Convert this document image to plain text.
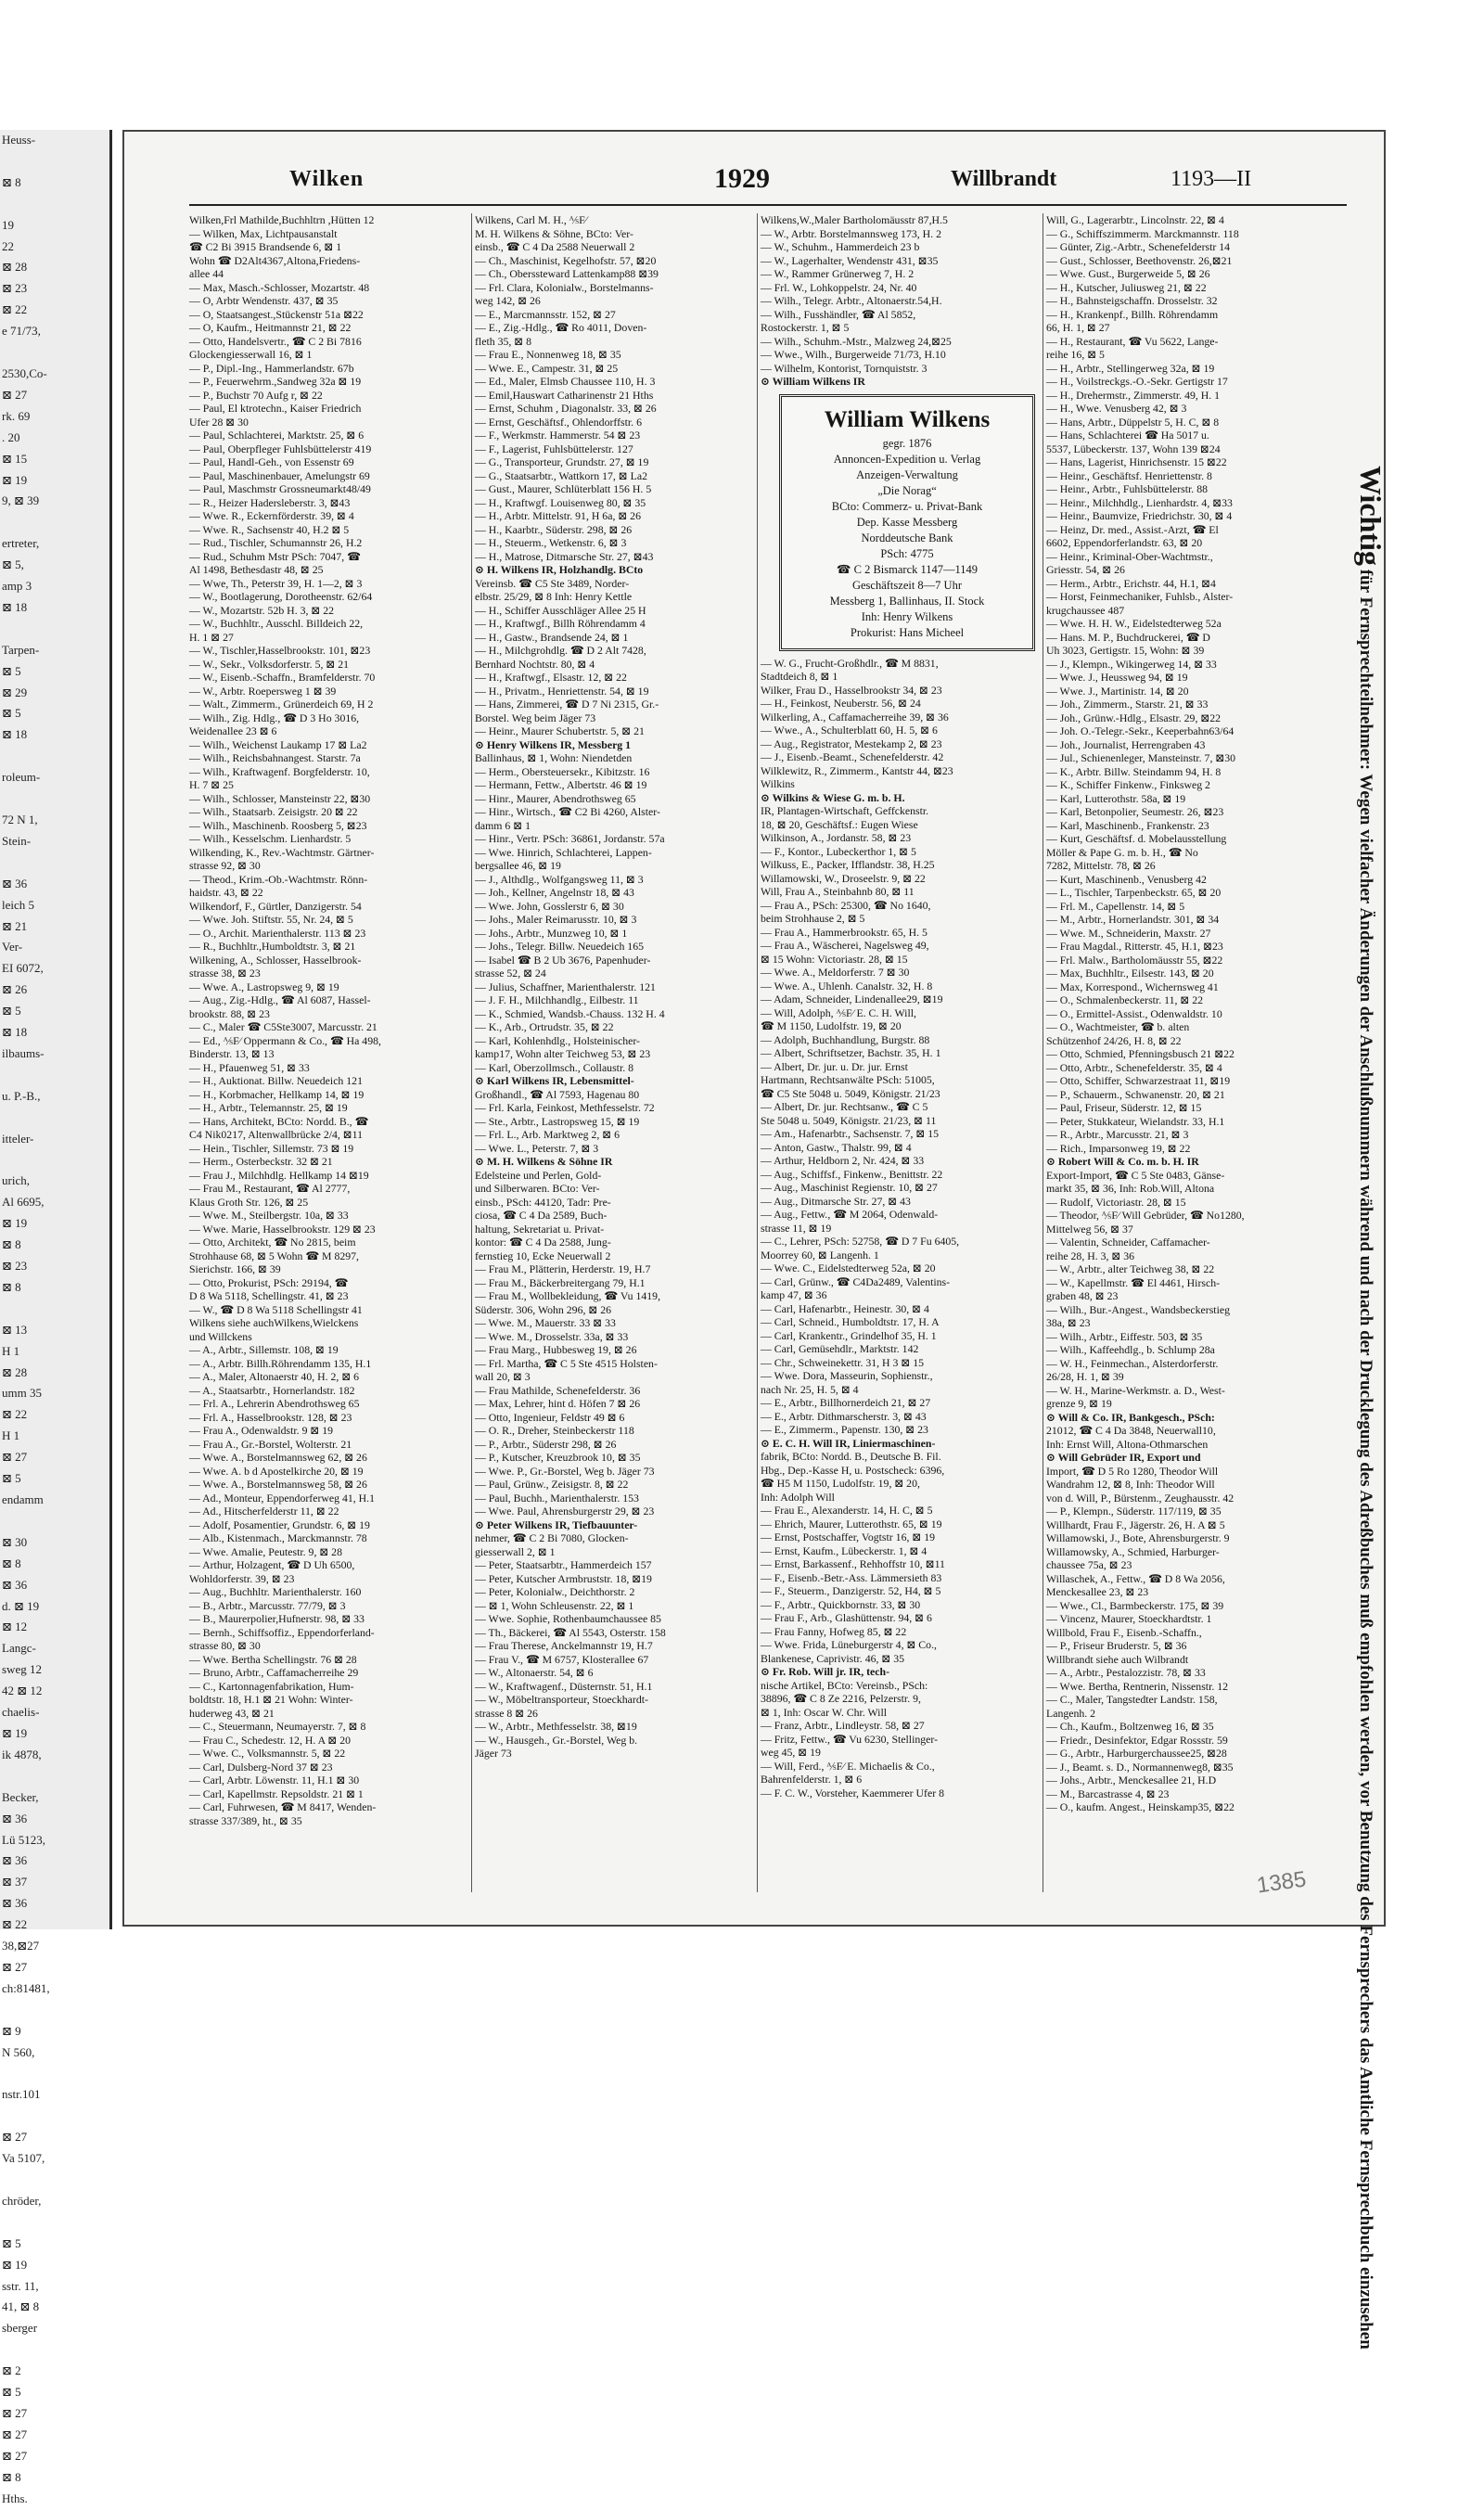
Heuss-

⊠ 8

19
22
⊠ 28
⊠ 23
⊠ 22
e 71/73,

2530,Co-
⊠ 27
rk. 69
. 20
⊠ 15
⊠ 19
9, ⊠ 39

ertreter,
⊠ 5,
amp 3
⊠ 18

Tarpen-
⊠ 5
⊠ 29
⊠ 5
⊠ 18

roleum-

72 N 1,
Stein-

⊠ 36
leich 5
⊠ 21
Ver-
EI 6072,
⊠ 26
⊠ 5
⊠ 18
ilbaums-

u. P.-B.,

itteler-

urich,
Al 6695,
⊠ 19
⊠ 8
⊠ 23
⊠ 8

⊠ 13
H 1
⊠ 28
umm 35
⊠ 22
H 1
⊠ 27
⊠ 5
endamm

⊠ 30
⊠ 8
⊠ 36
d. ⊠ 19
⊠ 12
Langc-
sweg 12
42 ⊠ 12
chaelis-
⊠ 19
ik 4878,

Becker,
⊠ 36
Lü 5123,
⊠ 36
⊠ 37
⊠ 36
⊠ 22
38,⊠27
⊠ 27
ch:81481,

⊠ 9
N 560,

nstr.101

⊠ 27
Va 5107,

chröder,

⊠ 5
⊠ 19
sstr. 11,
41, ⊠ 8
sberger

⊠ 2
⊠ 5
⊠ 27
⊠ 27
⊠ 27
⊠ 8
Hths.
Wilken	1929	Willbrandt	1193—II
Wilken,Frl Mathilde,Buchhltrn ,Hütten 12
— Wilken, Max, Lichtpausanstalt
☎ C2 Bi 3915 Brandsende 6, ⊠ 1
Wohn ☎ D2Alt4367,Altona,Friedens-
allee 44
— Max, Masch.-Schlosser, Mozartstr. 48
— O, Arbtr Wendenstr. 437, ⊠ 35
— O, Staatsangest.,Stückenstr 51a ⊠22
— O, Kaufm., Heitmannstr 21, ⊠ 22
— Otto, Handelsvertr., ☎ C 2 Bi 7816
Glockengiesserwall 16, ⊠ 1
— P., Dipl.-Ing., Hammerlandstr. 67b
— P., Feuerwehrm.,Sandweg 32a ⊠ 19
— P., Buchstr 70 Aufg r, ⊠ 22
— Paul, El ktrotechn., Kaiser Friedrich
Ufer 28 ⊠ 30
— Paul, Schlachterei, Marktstr. 25, ⊠ 6
— Paul, Oberpfleger Fuhlsbüttelerstr 419
— Paul, Handl-Geh., von Essenstr 69
— Paul, Maschinenbauer, Amelungstr 69
— Paul, Maschmstr Grossneumarkt48/49
— R., Heizer Hadersleberstr. 3, ⊠43
— Wwe. R., Eckernförderstr. 39, ⊠ 4
— Wwe. R., Sachsenstr 40, H.2 ⊠ 5
— Rud., Tischler, Schumannstr 26, H.2
— Rud., Schuhm Mstr PSch: 7047, ☎
Al 1498, Bethesdastr 48, ⊠ 25
— Wwe, Th., Peterstr 39, H. 1—2, ⊠ 3
— W., Bootlagerung, Dorotheenstr. 62/64
— W., Mozartstr. 52b H. 3, ⊠ 22
— W., Buchhltr., Ausschl. Billdeich 22,
H. 1 ⊠ 27
— W., Tischler,Hasselbrookstr. 101, ⊠23
— W., Sekr., Volksdorferstr. 5, ⊠ 21
— W., Eisenb.-Schaffn., Bramfelderstr. 70
— W., Arbtr. Roepersweg 1 ⊠ 39
— Walt., Zimmerm., Grünerdeich 69, H 2
— Wilh., Zig. Hdlg., ☎ D 3 Ho 3016,
Weidenallee 23 ⊠ 6
— Wilh., Weichenst Laukamp 17 ⊠ La2
— Wilh., Reichsbahnangest. Starstr. 7a
— Wilh., Kraftwagenf. Borgfelderstr. 10,
H. 7 ⊠ 25
— Wilh., Schlosser, Mansteinstr 22, ⊠30
— Wilh., Staatsarb. Zeisigstr. 20 ⊠ 22
— Wilh., Maschinenb. Roosberg 5, ⊠23
— Wilh., Kesselschm. Lienhardstr. 5
Wilkending, K., Rev.-Wachtmstr. Gärtner-
strasse 92, ⊠ 30
— Theod., Krim.-Ob.-Wachtmstr. Rönn-
haidstr. 43, ⊠ 22
Wilkendorf, F., Gürtler, Danzigerstr. 54
— Wwe. Joh. Stiftstr. 55, Nr. 24, ⊠ 5
— O., Archit. Marienthalerstr. 113 ⊠ 23
— R., Buchhltr.,Humboldtstr. 3, ⊠ 21
Wilkening, A., Schlosser, Hasselbrook-
strasse 38, ⊠ 23
— Wwe. A., Lastropsweg 9, ⊠ 19
— Aug., Zig.-Hdlg., ☎ Al 6087, Hassel-
brookstr. 88, ⊠ 23
— C., Maler ☎ C5Ste3007, Marcusstr. 21
— Ed., ⅍F⁄ Oppermann & Co., ☎ Ha 498,
Binderstr. 13, ⊠ 13
— H., Pfauenweg 51, ⊠ 33
— H., Auktionat. Billw. Neuedeich 121
— H., Korbmacher, Hellkamp 14, ⊠ 19
— H., Arbtr., Telemannstr. 25, ⊠ 19
— Hans, Architekt, BCto: Nordd. B., ☎
C4 Nik0217, Altenwallbrücke 2/4, ⊠11
— Hein., Tischler, Sillemstr. 73 ⊠ 19
— Herm., Osterbeckstr. 32 ⊠ 21
— Frau J., Milchhdlg. Hellkamp 14 ⊠19
— Frau M., Restaurant, ☎ Al 2777,
Klaus Groth Str. 126, ⊠ 25
— Wwe. M., Steilbergstr. 10a, ⊠ 33
— Wwe. Marie, Hasselbrookstr. 129 ⊠ 23
— Otto, Architekt, ☎ No 2815, beim
Strohhause 68, ⊠ 5 Wohn ☎ M 8297,
Sierichstr. 166, ⊠ 39
— Otto, Prokurist, PSch: 29194, ☎
D 8 Wa 5118, Schellingstr. 41, ⊠ 23
— W., ☎ D 8 Wa 5118 Schellingstr 41
Wilkens siehe auchWilkens,Wielckens
und Willckens
— A., Arbtr., Sillemstr. 108, ⊠ 19
— A., Arbtr. Billh.Röhrendamm 135, H.1
— A., Maler, Altonaerstr 40, H. 2, ⊠ 6
— A., Staatsarbtr., Hornerlandstr. 182
— Frl. A., Lehrerin Abendrothsweg 65
— Frl. A., Hasselbrookstr. 128, ⊠ 23
— Frau A., Odenwaldstr. 9 ⊠ 19
— Frau A., Gr.-Borstel, Wolterstr. 21
— Wwe. A., Borstelmannsweg 62, ⊠ 26
— Wwe. A. b d Apostelkirche 20, ⊠ 19
— Wwe. A., Borstelmannsweg 58, ⊠ 26
— Ad., Monteur, Eppendorferweg 41, H.1
— Ad., Hitscherfelderstr 11, ⊠ 22
— Adolf, Posamentier, Grundstr. 6, ⊠ 19
— Alb., Kistenmach., Marckmannstr. 78
— Wwe. Amalie, Peutestr. 9, ⊠ 28
— Arthur, Holzagent, ☎ D Uh 6500,
Wohldorferstr. 39, ⊠ 23
— Aug., Buchhltr. Marienthalerstr. 160
— B., Arbtr., Marcusstr. 77/79, ⊠ 3
— B., Maurerpolier,Hufnerstr. 98, ⊠ 33
— Bernh., Schiffsoffiz., Eppendorferland-
strasse 80, ⊠ 30
— Wwe. Bertha Schellingstr. 76 ⊠ 28
— Bruno, Arbtr., Caffamacherreihe 29
— C., Kartonnagenfabrikation, Hum-
boldtstr. 18, H.1 ⊠ 21 Wohn: Winter-
huderweg 43, ⊠ 21
— C., Steuermann, Neumayerstr. 7, ⊠ 8
— Frau C., Schedestr. 12, H. A ⊠ 20
— Wwe. C., Volksmannstr. 5, ⊠ 22
— Carl, Dulsberg-Nord 37 ⊠ 23
— Carl, Arbtr. Löwenstr. 11, H.1 ⊠ 30
— Carl, Kapellmstr. Repsoldstr. 21 ⊠ 1
— Carl, Fuhrwesen, ☎ M 8417, Wenden-
strasse 337/389, ht., ⊠ 35
Wilkens, Carl M. H., ⅍F⁄
M. H. Wilkens & Söhne, BCto: Ver-
einsb., ☎ C 4 Da 2588 Neuerwall 2
— Ch., Maschinist, Kegelhofstr. 57, ⊠20
— Ch., Oberssteward Lattenkamp88 ⊠39
— Frl. Clara, Kolonialw., Borstelmanns-
weg 142, ⊠ 26
— E., Marcmannsstr. 152, ⊠ 27
— E., Zig.-Hdlg., ☎ Ro 4011, Doven-
fleth 35, ⊠ 8
— Frau E., Nonnenweg 18, ⊠ 35
— Wwe. E., Campestr. 31, ⊠ 25
— Ed., Maler, Elmsb Chaussee 110, H. 3
— Emil,Hauswart Catharinenstr 21 Hths
— Ernst, Schuhm , Diagonalstr. 33, ⊠ 26
— Ernst, Geschäftsf., Ohlendorffstr. 6
— F., Werkmstr. Hammerstr. 54 ⊠ 23
— F., Lagerist, Fuhlsbüttelerstr. 127
— G., Transporteur, Grundstr. 27, ⊠ 19
— G., Staatsarbtr., Wattkorn 17, ⊠ La2
— Gust., Maurer, Schlüterblatt 156 H. 5
— H., Kraftwgf. Louisenweg 80, ⊠ 35
— H., Arbtr. Mittelstr. 91, H 6a, ⊠ 26
— H., Kaarbtr., Süderstr. 298, ⊠ 26
— H., Steuerm., Wetkenstr. 6, ⊠ 3
— H., Matrose, Ditmarsche Str. 27, ⊠43
⊙ H. Wilkens IR, Holzhandlg. BCto
Vereinsb. ☎ C5 Ste 3489, Norder-
elbstr. 25/29, ⊠ 8 Inh: Henry Kettle
— H., Schiffer Ausschläger Allee 25 H
— H., Kraftwgf., Billh Röhrendamm 4
— H., Gastw., Brandsende 24, ⊠ 1
— H., Milchgrohdlg. ☎ D 2 Alt 7428,
Bernhard Nochtstr. 80, ⊠ 4
— H., Kraftwgf., Elsastr. 12, ⊠ 22
— H., Privatm., Henriettenstr. 54, ⊠ 19
— Hans, Zimmerei, ☎ D 7 Ni 2315, Gr.-
Borstel. Weg beim Jäger 73
— Heinr., Maurer Schubertstr. 5, ⊠ 21
⊙ Henry Wilkens IR, Messberg 1
Ballinhaus, ⊠ 1, Wohn: Niendetden
— Herm., Obersteuersekr., Kibitzstr. 16
— Hermann, Fettw., Albertstr. 46 ⊠ 19
— Hinr., Maurer, Abendrothsweg 65
— Hinr., Wirtsch., ☎ C2 Bi 4260, Alster-
damm 6 ⊠ 1
— Hinr., Vertr. PSch: 36861, Jordanstr. 57a
— Wwe. Hinrich, Schlachterei, Lappen-
bergsallee 46, ⊠ 19
— J., Althdlg., Wolfgangsweg 11, ⊠ 3
— Joh., Kellner, Angelnstr 18, ⊠ 43
— Wwe. John, Gosslerstr 6, ⊠ 30
— Johs., Maler Reimarusstr. 10, ⊠ 3
— Johs., Arbtr., Munzweg 10, ⊠ 1
— Johs., Telegr. Billw. Neuedeich 165
— Isabel ☎ B 2 Ub 3676, Papenhuder-
strasse 52, ⊠ 24
— Julius, Schaffner, Marienthalerstr. 121
— J. F. H., Milchhandlg., Eilbestr. 11
— K., Schmied, Wandsb.-Chauss. 132 H. 4
— K., Arb., Ortrudstr. 35, ⊠ 22
— Karl, Kohlenhdlg., Holsteinischer-
kamp17, Wohn alter Teichweg 53, ⊠ 23
— Karl, Oberzollmsch., Collaustr. 8
⊙ Karl Wilkens IR, Lebensmittel-
Großhandl., ☎ Al 7593, Hagenau 80
— Frl. Karla, Feinkost, Methfesselstr. 72
— Ste., Arbtr., Lastropsweg 15, ⊠ 19
— Frl. L., Arb. Marktweg 2, ⊠ 6
— Wwe. L., Peterstr. 7, ⊠ 3
⊙ M. H. Wilkens & Söhne IR
Edelsteine und Perlen, Gold-
und Silberwaren. BCto: Ver-
einsb., PSch: 44120, Tadr: Pre-
ciosa, ☎ C 4 Da 2589, Buch-
haltung, Sekretariat u. Privat-
kontor: ☎ C 4 Da 2588, Jung-
fernstieg 10, Ecke Neuerwall 2
— Frau M., Plätterin, Herderstr. 19, H.7
— Frau M., Bäckerbreitergang 79, H.1
— Frau M., Wollbekleidung, ☎ Vu 1419,
Süderstr. 306, Wohn 296, ⊠ 26
— Wwe. M., Mauerstr. 33 ⊠ 33
— Wwe. M., Drosselstr. 33a, ⊠ 33
— Frau Marg., Hubbesweg 19, ⊠ 26
— Frl. Martha, ☎ C 5 Ste 4515 Holsten-
wall 20, ⊠ 3
— Frau Mathilde, Schenefelderstr. 36
— Max, Lehrer, hint d. Höfen 7 ⊠ 26
— Otto, Ingenieur, Feldstr 49 ⊠ 6
— O. R., Dreher, Steinbeckerstr 118
— P., Arbtr., Süderstr 298, ⊠ 26
— P., Kutscher, Kreuzbrook 10, ⊠ 35
— Wwe. P., Gr.-Borstel, Weg b. Jäger 73
— Paul, Grünw., Zeisigstr. 8, ⊠ 22
— Paul, Buchh., Marienthalerstr. 153
— Wwe. Paul, Ahrensburgerstr 29, ⊠ 23
⊙ Peter Wilkens IR, Tiefbauunter-
nehmer, ☎ C 2 Bi 7080, Glocken-
giesserwall 2, ⊠ 1
— Peter, Staatsarbtr., Hammerdeich 157
— Peter, Kutscher Armbruststr. 18, ⊠19
— Peter, Kolonialw., Deichthorstr. 2
— ⊠ 1, Wohn Schleusenstr. 22, ⊠ 1
— Wwe. Sophie, Rothenbaumchaussee 85
— Th., Bäckerei, ☎ Al 5543, Osterstr. 158
— Frau Therese, Anckelmannstr 19, H.7
— Frau V., ☎ M 6757, Klosterallee 67
— W., Altonaerstr. 54, ⊠ 6
— W., Kraftwagenf., Düsternstr. 51, H.1
— W., Möbeltransporteur, Stoeckhardt-
strasse 8 ⊠ 26
— W., Arbtr., Methfesselstr. 38, ⊠19
— W., Hausgeh., Gr.-Borstel, Weg b.
Jäger 73
Wilkens,W.,Maler Bartholomäusstr 87,H.5
— W., Arbtr. Borstelmannsweg 173, H. 2
— W., Schuhm., Hammerdeich 23 b
— W., Lagerhalter, Wendenstr 431, ⊠35
— W., Rammer Grünerweg 7, H. 2
— Frl. W., Lohkoppelstr. 24, Nr. 40
— Wilh., Telegr. Arbtr., Altonaerstr.54,H.
— Wilh., Fusshändler, ☎ Al 5852,
Rostockerstr. 1, ⊠ 5
— Wilh., Schuhm.-Mstr., Malzweg 24,⊠25
— Wwe., Wilh., Burgerweide 71/73, H.10
— Wilhelm, Kontorist, Tornquiststr. 3
⊙ William Wilkens IR
William Wilkens
gegr. 1876
Annoncen-Expedition u. Verlag
Anzeigen-Verwaltung
„Die Norag“
BCto: Commerz- u. Privat-Bank
Dep. Kasse Messberg
Norddeutsche Bank
PSch: 4775
☎ C 2 Bismarck 1147—1149
Geschäftszeit 8—7 Uhr
Messberg 1, Ballinhaus, II. Stock
Inh: Henry Wilkens
Prokurist: Hans Micheel
— W. G., Frucht-Großhdlr., ☎ M 8831,
Stadtdeich 8, ⊠ 1
Wilker, Frau D., Hasselbrookstr 34, ⊠ 23
— H., Feinkost, Neuberstr. 56, ⊠ 24
Wilkerling, A., Caffamacherreihe 39, ⊠ 36
— Wwe., A., Schulterblatt 60, H. 5, ⊠ 6
— Aug., Registrator, Mestekamp 2, ⊠ 23
— J., Eisenb.-Beamt., Schenefelderstr. 42
Wilklewitz, R., Zimmerm., Kantstr 44, ⊠23
Wilkins
⊙ Wilkins & Wiese G. m. b. H.
IR, Plantagen-Wirtschaft, Geffckenstr.
18, ⊠ 20, Geschäftsf.: Eugen Wiese
Wilkinson, A., Jordanstr. 58, ⊠ 23
— F., Kontor., Lubeckerthor 1, ⊠ 5
Wilkuss, E., Packer, Ifflandstr. 38, H.25
Willamowski, W., Droseelstr. 9, ⊠ 22
Will, Frau A., Steinbahnb 80, ⊠ 11
— Frau A., PSch: 25300, ☎ No 1640,
beim Strohhause 2, ⊠ 5
— Frau A., Hammerbrookstr. 65, H. 5
— Frau A., Wäscherei, Nagelsweg 49,
⊠ 15 Wohn: Victoriastr. 28, ⊠ 15
— Wwe. A., Meldorferstr. 7 ⊠ 30
— Wwe. A., Uhlenh. Canalstr. 32, H. 8
— Adam, Schneider, Lindenallee29, ⊠19
— Will, Adolph, ⅍F⁄ E. C. H. Will,
☎ M 1150, Ludolfstr. 19, ⊠ 20
— Adolph, Buchhandlung, Burgstr. 88
— Albert, Schriftsetzer, Bachstr. 35, H. 1
— Albert, Dr. jur. u. Dr. jur. Ernst
Hartmann, Rechtsanwälte PSch: 51005,
☎ C5 Ste 5048 u. 5049, Königstr. 21/23
— Albert, Dr. jur. Rechtsanw., ☎ C 5
Ste 5048 u. 5049, Königstr. 21/23, ⊠ 11
— Am., Hafenarbtr., Sachsenstr. 7, ⊠ 15
— Anton, Gastw., Thalstr. 99, ⊠ 4
— Arthur, Heldborn 2, Nr. 424, ⊠ 33
— Aug., Schiffsf., Finkenw., Benittstr. 22
— Aug., Maschinist Regienstr. 10, ⊠ 27
— Aug., Ditmarsche Str. 27, ⊠ 43
— Aug., Fettw., ☎ M 2064, Odenwald-
strasse 11, ⊠ 19
— C., Lehrer, PSch: 52758, ☎ D 7 Fu 6405,
Moorrey 60, ⊠ Langenh. 1
— Wwe. C., Eidelstedterweg 52a, ⊠ 20
— Carl, Grünw., ☎ C4Da2489, Valentins-
kamp 47, ⊠ 36
— Carl, Hafenarbtr., Heinestr. 30, ⊠ 4
— Carl, Schneid., Humboldtstr. 17, H. A
— Carl, Krankentr., Grindelhof 35, H. 1
— Carl, Gemüsehdlr., Marktstr. 142
— Chr., Schweinekettr. 31, H 3 ⊠ 15
— Wwe. Dora, Masseurin, Sophienstr.,
nach Nr. 25, H. 5, ⊠ 4
— E., Arbtr., Billhornerdeich 21, ⊠ 27
— E., Arbtr. Dithmarscherstr. 3, ⊠ 43
— E., Zimmerm., Papenstr. 130, ⊠ 23
⊙ E. C. H. Will IR, Liniermaschinen-
fabrik, BCto: Nordd. B., Deutsche B. Fil.
Hbg., Dep.-Kasse H, u. Postscheck: 6396,
☎ H5 M 1150, Ludolfstr. 19, ⊠ 20,
Inh: Adolph Will
— Frau E., Alexanderstr. 14, H. C, ⊠ 5
— Ehrich, Maurer, Lutterothstr. 65, ⊠ 19
— Ernst, Postschaffer, Vogtstr 16, ⊠ 19
— Ernst, Kaufm., Lübeckerstr. 1, ⊠ 4
— Ernst, Barkassenf., Rehhoffstr 10, ⊠11
— F., Eisenb.-Betr.-Ass. Lämmersieth 83
— F., Steuerm., Danzigerstr. 52, H4, ⊠ 5
— F., Arbtr., Quickbornstr. 33, ⊠ 30
— Frau F., Arb., Glashüttenstr. 94, ⊠ 6
— Frau Fanny, Hofweg 85, ⊠ 22
— Wwe. Frida, Lüneburgerstr 4, ⊠ Co.,
Blankenese, Caprivistr. 46, ⊠ 35
⊙ Fr. Rob. Will jr. IR, tech-
nische Artikel, BCto: Vereinsb., PSch:
38896, ☎ C 8 Ze 2216, Pelzerstr. 9,
⊠ 1, Inh: Oscar W. Chr. Will
— Franz, Arbtr., Lindleystr. 58, ⊠ 27
— Fritz, Fettw., ☎ Vu 6230, Stellinger-
weg 45, ⊠ 19
— Will, Ferd., ⅍F⁄ E. Michaelis & Co.,
Bahrenfelderstr. 1, ⊠ 6
— F. C. W., Vorsteher, Kaemmerer Ufer 8
Will, G., Lagerarbtr., Lincolnstr. 22, ⊠ 4
— G., Schiffszimmerm. Marckmannstr. 118
— Günter, Zig.-Arbtr., Schenefelderstr 14
— Gust., Schlosser, Beethovenstr. 26,⊠21
— Wwe. Gust., Burgerweide 5, ⊠ 26
— H., Kutscher, Juliusweg 21, ⊠ 22
— H., Bahnsteigschaffn. Drosselstr. 32
— H., Krankenpf., Billh. Röhrendamm
66, H. 1, ⊠ 27
— H., Restaurant, ☎ Vu 5622, Lange-
reihe 16, ⊠ 5
— H., Arbtr., Stellingerweg 32a, ⊠ 19
— H., Voilstreckgs.-O.-Sekr. Gertigstr 17
— H., Drehermstr., Zimmerstr. 49, H. 1
— H., Wwe. Venusberg 42, ⊠ 3
— Hans, Arbtr., Düppelstr 5, H. C, ⊠ 8
— Hans, Schlachterei ☎ Ha 5017 u.
5537, Lübeckerstr. 137, Wohn 139 ⊠24
— Hans, Lagerist, Hinrichsenstr. 15 ⊠22
— Heinr., Geschäftsf. Henriettenstr. 8
— Heinr., Arbtr., Fuhlsbüttelerstr. 88
— Heinr., Milchhdlg., Lienhardstr. 4, ⊠33
— Heinr., Baumvize, Friedrichstr. 30, ⊠ 4
— Heinz, Dr. med., Assist.-Arzt, ☎ El
6602, Eppendorferlandstr. 63, ⊠ 20
— Heinr., Kriminal-Ober-Wachtmstr.,
Griesstr. 54, ⊠ 26
— Herm., Arbtr., Erichstr. 44, H.1, ⊠4
— Horst, Feinmechaniker, Fuhlsb., Alster-
krugchaussee 487
— Wwe. H. H. W., Eidelstedterweg 52a
— Hans. M. P., Buchdruckerei, ☎ D
Uh 3023, Gertigstr. 15, Wohn: ⊠ 39
— J., Klempn., Wikingerweg 14, ⊠ 33
— Wwe. J., Heussweg 94, ⊠ 19
— Wwe. J., Martinistr. 14, ⊠ 20
— Joh., Zimmerm., Starstr. 21, ⊠ 33
— Joh., Grünw.-Hdlg., Elsastr. 29, ⊠22
— Joh. O.-Telegr.-Sekr., Keeperbahn63/64
— Joh., Journalist, Herrengraben 43
— Jul., Schienenleger, Mansteinstr. 7, ⊠30
— K., Arbtr. Billw. Steindamm 94, H. 8
— K., Schiffer Finkenw., Finksweg 2
— Karl, Lutterothstr. 58a, ⊠ 19
— Karl, Betonpolier, Seumestr. 26, ⊠23
— Karl, Maschinenb., Frankenstr. 23
— Kurt, Geschäftsf. d. Mobelausstellung
Möller & Pape G. m. b. H., ☎ No
7282, Mittelstr. 78, ⊠ 26
— Kurt, Maschinenb., Venusberg 42
— L., Tischler, Tarpenbeckstr. 65, ⊠ 20
— Frl. M., Capellenstr. 14, ⊠ 5
— M., Arbtr., Hornerlandstr. 301, ⊠ 34
— Wwe. M., Schneiderin, Maxstr. 27
— Frau Magdal., Ritterstr. 45, H.1, ⊠23
— Frl. Malw., Bartholomäusstr 55, ⊠22
— Max, Buchhltr., Eilsestr. 143, ⊠ 20
— Max, Korrespond., Wichernsweg 41
— O., Schmalenbeckerstr. 11, ⊠ 22
— O., Ermittel-Assist., Odenwaldstr. 10
— O., Wachtmeister, ☎ b. alten
Schützenhof 24/26, H. 8, ⊠ 22
— Otto, Schmied, Pfenningsbusch 21 ⊠22
— Otto, Arbtr., Schenefelderstr. 35, ⊠ 4
— Otto, Schiffer, Schwarzestraat 11, ⊠19
— P., Schauerm., Schwanenstr. 20, ⊠ 21
— Paul, Friseur, Süderstr. 12, ⊠ 15
— Peter, Stukkateur, Wielandstr. 33, H.1
— R., Arbtr., Marcusstr. 21, ⊠ 3
— Rich., Imparsonweg 19, ⊠ 22
⊙ Robert Will & Co. m. b. H. IR
Export-Import, ☎ C 5 Ste 0483, Gänse-
markt 35, ⊠ 36, Inh: Rob.Will, Altona
— Rudolf, Victoriastr. 28, ⊠ 15
— Theodor, ⅍F⁄ Will Gebrüder, ☎ No1280,
Mittelweg 56, ⊠ 37
— Valentin, Schneider, Caffamacher-
reihe 28, H. 3, ⊠ 36
— W., Arbtr., alter Teichweg 38, ⊠ 22
— W., Kapellmstr. ☎ El 4461, Hirsch-
graben 48, ⊠ 23
— Wilh., Bur.-Angest., Wandsbeckerstieg
38a, ⊠ 23
— Wilh., Arbtr., Eiffestr. 503, ⊠ 35
— Wilh., Kaffeehdlg., b. Schlump 28a
— W. H., Feinmechan., Alsterdorferstr.
26/28, H. 1, ⊠ 39
— W. H., Marine-Werkmstr. a. D., West-
grenze 9, ⊠ 19
⊙ Will & Co. IR, Bankgesch., PSch:
21012, ☎ C 4 Da 3848, Neuerwall10,
Inh: Ernst Will, Altona-Othmarschen
⊙ Will Gebrüder IR, Export und
Import, ☎ D 5 Ro 1280, Theodor Will
Wandrahm 12, ⊠ 8, Inh: Theodor Will
von d. Will, P., Bürstenm., Zeughausstr. 42
— P., Klempn., Süderstr. 117/119, ⊠ 35
Willhardt, Frau F., Jägerstr. 26, H. A ⊠ 5
Willamowski, J., Bote, Ahrensburgerstr. 9
Willamowsky, A., Schmied, Harburger-
chaussee 75a, ⊠ 23
Willaschek, A., Fettw., ☎ D 8 Wa 2056,
Menckesallee 23, ⊠ 23
— Wwe., Cl., Barmbeckerstr. 175, ⊠ 39
— Vincenz, Maurer, Stoeckhardtstr. 1
Willbold, Frau F., Eisenb.-Schaffn.,
— P., Friseur Bruderstr. 5, ⊠ 36
Willbrandt siehe auch Wilbrandt
— A., Arbtr., Pestalozzistr. 78, ⊠ 33
— Wwe. Bertha, Rentnerin, Nissenstr. 12
— C., Maler, Tangstedter Landstr. 158,
Langenh. 2
— Ch., Kaufm., Boltzenweg 16, ⊠ 35
— Friedr., Desinfektor, Edgar Rossstr. 59
— G., Arbtr., Harburgerchaussee25, ⊠28
— J., Beamt. s. D., Normannenweg8, ⊠35
— Johs., Arbtr., Menckesallee 21, H.D
— M., Barcastrasse 4, ⊠ 23
— O., kaufm. Angest., Heinskamp35, ⊠22
Wichtig für Fernsprechteilnehmer: Wegen vielfacher Änderungen der Anschlußnummern während und nach der Drucklegung des Adreßbuches muß empfohlen werden, vor Benutzung des Fernsprechers das Amtliche Fernsprechbuch einzusehen
1385
